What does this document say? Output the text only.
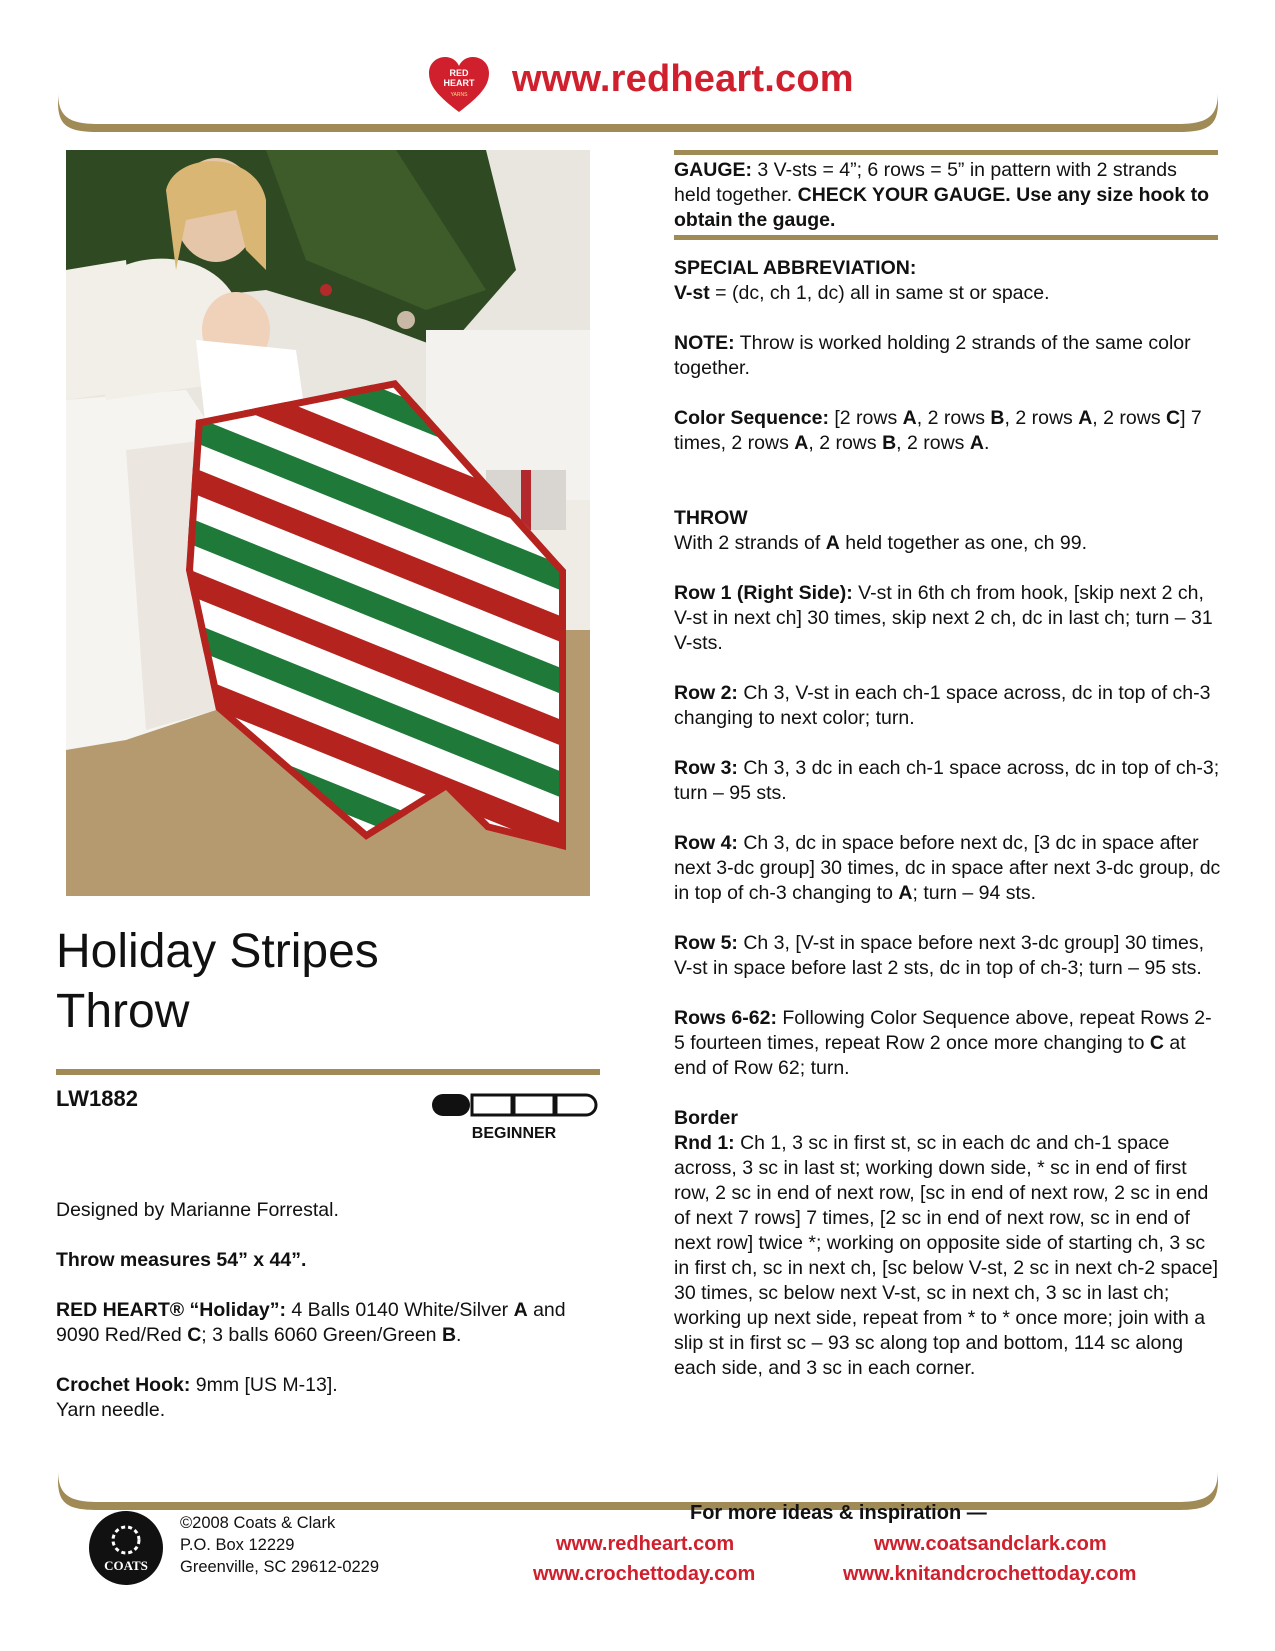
RED
HEART
YARNS www.redheart.com
Holiday Stripes
Throw
LW1882
BEGINNER

Designed by Marianne Forrestal.

Throw measures 54” x 44”.

RED HEART® “Holiday”: 4 Balls 0140 White/Silver A and 9090 Red/Red C; 3 balls 6060 Green/Green B.

Crochet Hook: 9mm [US M-13].
Yarn needle.

GAUGE: 3 V-sts = 4”; 6 rows = 5” in pattern with 2 strands held together. CHECK YOUR GAUGE. Use any size hook to obtain the gauge.

SPECIAL ABBREVIATION:
V-st = (dc, ch 1, dc) all in same st or space.

NOTE: Throw is worked holding 2 strands of the same color together.

Color Sequence: [2 rows A, 2 rows B, 2 rows A, 2 rows C] 7 times, 2 rows A, 2 rows B, 2 rows A.

THROW
With 2 strands of A held together as one, ch 99.

Row 1 (Right Side): V-st in 6th ch from hook, [skip next 2 ch, V-st in next ch] 30 times, skip next 2 ch, dc in last ch; turn – 31 V-sts.

Row 2: Ch 3, V-st in each ch-1 space across, dc in top of ch-3 changing to next color; turn.

Row 3: Ch 3, 3 dc in each ch-1 space across, dc in top of ch-3; turn – 95 sts.

Row 4: Ch 3, dc in space before next dc, [3 dc in space after next 3-dc group] 30 times, dc in space after next 3-dc group, dc in top of ch-3 changing to A; turn – 94 sts.

Row 5: Ch 3, [V-st in space before next 3-dc group] 30 times, V-st in space before last 2 sts, dc in top of ch-3; turn – 95 sts.

Rows 6-62: Following Color Sequence above, repeat Rows 2-5 fourteen times, repeat Row 2 once more changing to C at end of Row 62; turn.

Border
Rnd 1: Ch 1, 3 sc in first st, sc in each dc and ch-1 space across, 3 sc in last st; working down side, * sc in end of first row, 2 sc in end of next row, [sc in end of next row, 2 sc in end of next 7 rows] 7 times, [2 sc in end of next row, sc in end of next row] twice *; working on opposite side of starting ch, 3 sc in first ch, sc in next ch, [sc below V-st, 2 sc in next ch-2 space] 30 times, sc below next V-st, sc in next ch, 3 sc in last ch; working up next side, repeat from * to * once more; join with a slip st in first sc – 93 sc along top and bottom, 114 sc along each side, and 3 sc in each corner.

COATS
©2008 Coats & Clark
P.O. Box 12229
Greenville, SC 29612-0229
For more ideas & inspiration —
www.redheart.com	www.coatsandclark.com
www.crochettoday.com	www.knitandcrochettoday.com
